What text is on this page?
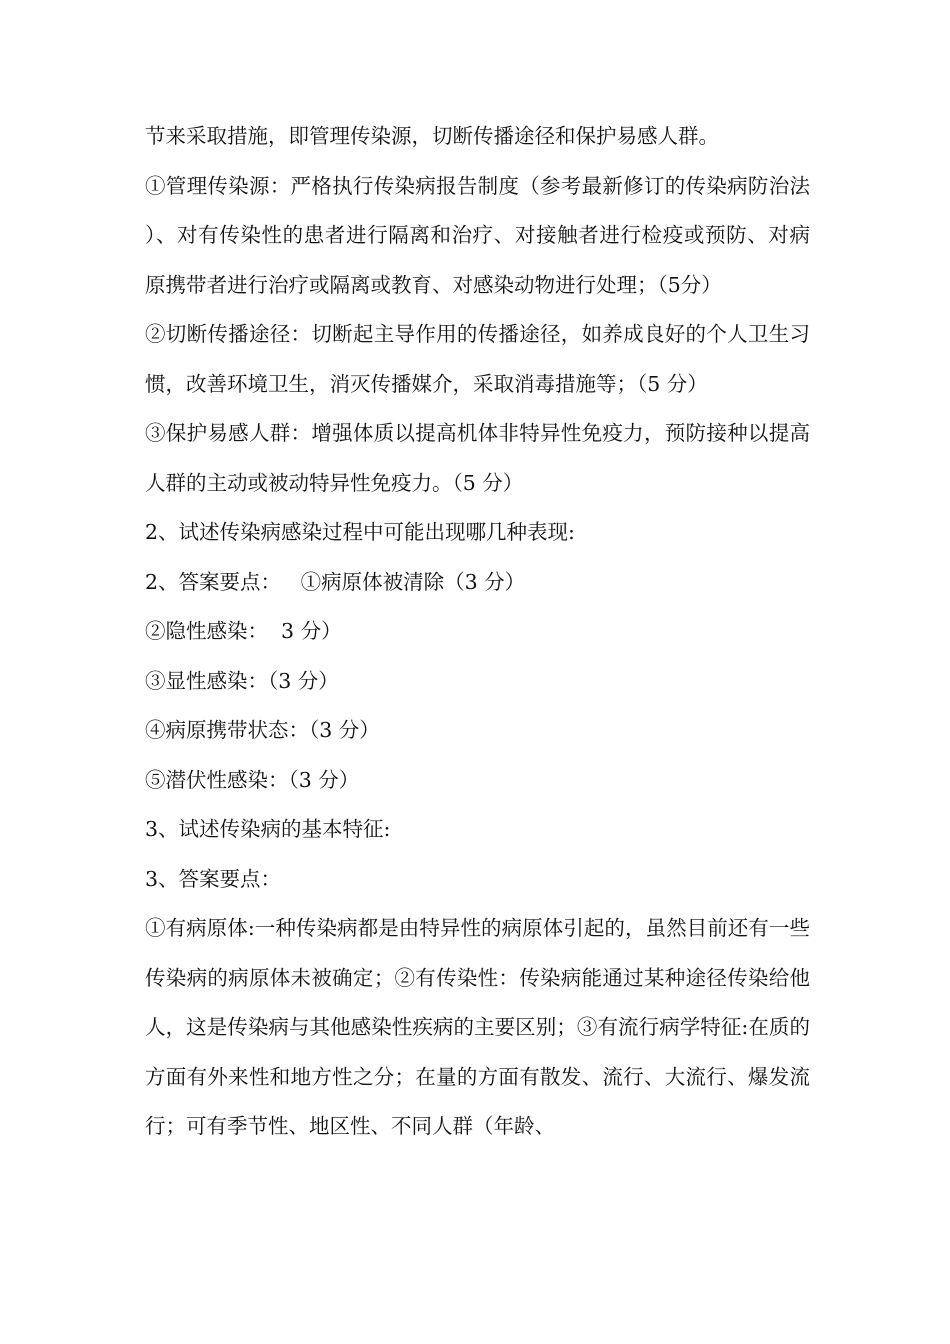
节来采取措施，即管理传染源，切断传播途径和保护易感人群。

①管理传染源：严格执行传染病报告制度（参考最新修订的传染病防治法）、对有传染性的患者进行隔离和治疗、对接触者进行检疫或预防、对病原携带者进行治疗或隔离或教育、对感染动物进行处理；（5分）

②切断传播途径：切断起主导作用的传播途径，如养成良好的个人卫生习惯，改善环境卫生，消灭传播媒介，采取消毒措施等；（5 分）

③保护易感人群：增强体质以提高机体非特异性免疫力，预防接种以提高人群的主动或被动特异性免疫力。（5 分）

2、试述传染病感染过程中可能出现哪几种表现:

2、答案要点：   ①病原体被清除（3 分）

②隐性感染：  3 分）

③显性感染：（3 分）

④病原携带状态：（3 分）

⑤潜伏性感染：（3 分）

3、试述传染病的基本特征:

3、答案要点：

①有病原体:一种传染病都是由特异性的病原体引起的，虽然目前还有一些传染病的病原体未被确定；②有传染性：传染病能通过某种途径传染给他人，这是传染病与其他感染性疾病的主要区别；③有流行病学特征:在质的方面有外来性和地方性之分；在量的方面有散发、流行、大流行、爆发流行；可有季节性、地区性、不同人群（年龄、
